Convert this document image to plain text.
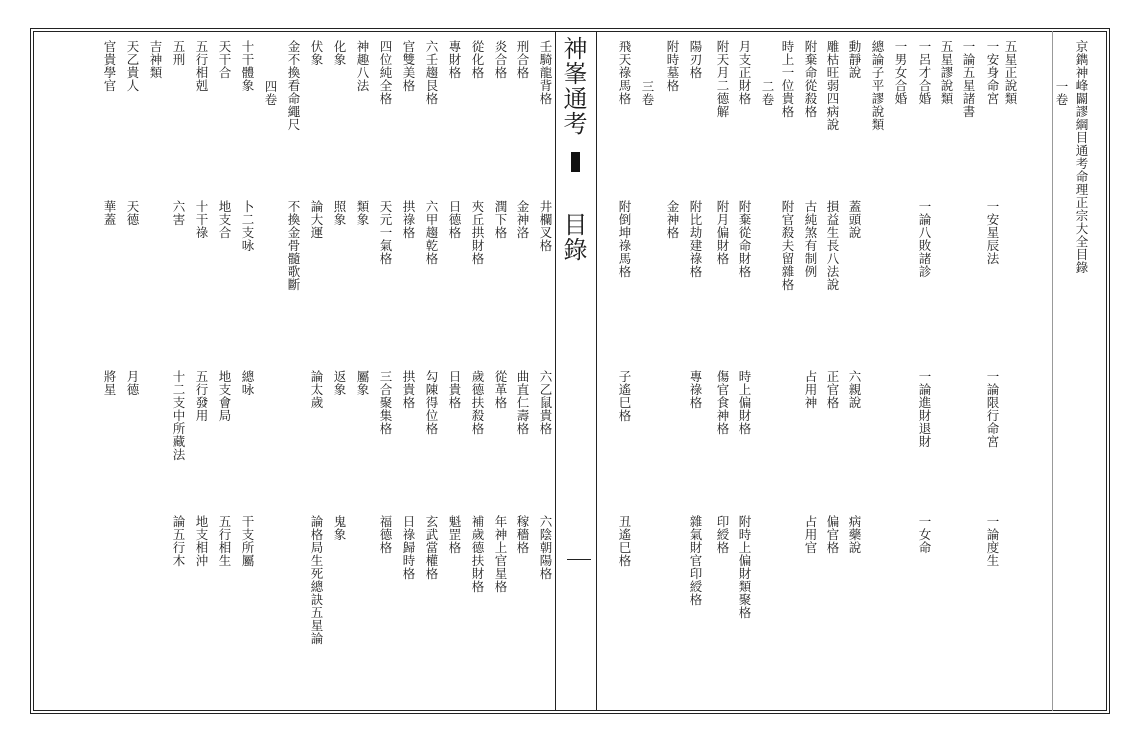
神峯通考
目錄	京鐫神峰闢謬綱目通考命理正宗大全目錄
一卷
五星正說類
一安身命宮
一論五星諸書
五星謬說類
一呂才合婚
一男女合婚
總論子平謬說類
動靜說
雕枯旺弱四病說
附棄命從殺格
時上一位貴格
二卷
月支正財格
附天月二德解
陽刃格
附時墓格
三卷
飛天祿馬格
一安星辰法
一論八敗諸診
蓋頭說
損益生長八法說
古純煞有制例
附官殺夫留雜格
附棄從命財格
附月偏財格
附比劫建祿格
金神格
附倒坤祿馬格
一論限行命宮
一論進財退財
六親說
正官格
占用神
時上偏財格
傷官食神格
專祿格
子遙巳格
一論度生
一女命
病藥說
偏官格
占用官
附時上偏財類聚格
印綬格
雜氣財官印綬格
丑遙巳格
壬騎龍背格
刑合格
炎合格
從化格
專財格
六壬趨艮格
官雙美格
四位純全格
神趣八法
化象
伏象
金不換看命繩尺
四卷
十干體象
天干合
五行相剋
五刑
吉神類
天乙貴人
官貴學官
井欄叉格
金神洛
潤下格
夾丘拱財格
日德格
六甲趨乾格
拱祿格
天元一氣格
類象
照象
論大運
不換金骨髓歌斷
卜二支咏
地支合
十干祿
六害
天德
華蓋
六乙鼠貴格
曲直仁壽格
從革格
歲德扶殺格
日貴格
勾陳得位格
拱貴格
三合聚集格
屬象
返象
論太歲
總咏
地支會局
五行發用
十二支中所藏法
月德
將星
六陰朝陽格
稼穡格
年神上官星格
補歲德扶財格
魁罡格
玄武當權格
日祿歸時格
福德格
鬼象
論格局生死總訣五星論
干支所屬
五行相生
地支相沖
論五行木
